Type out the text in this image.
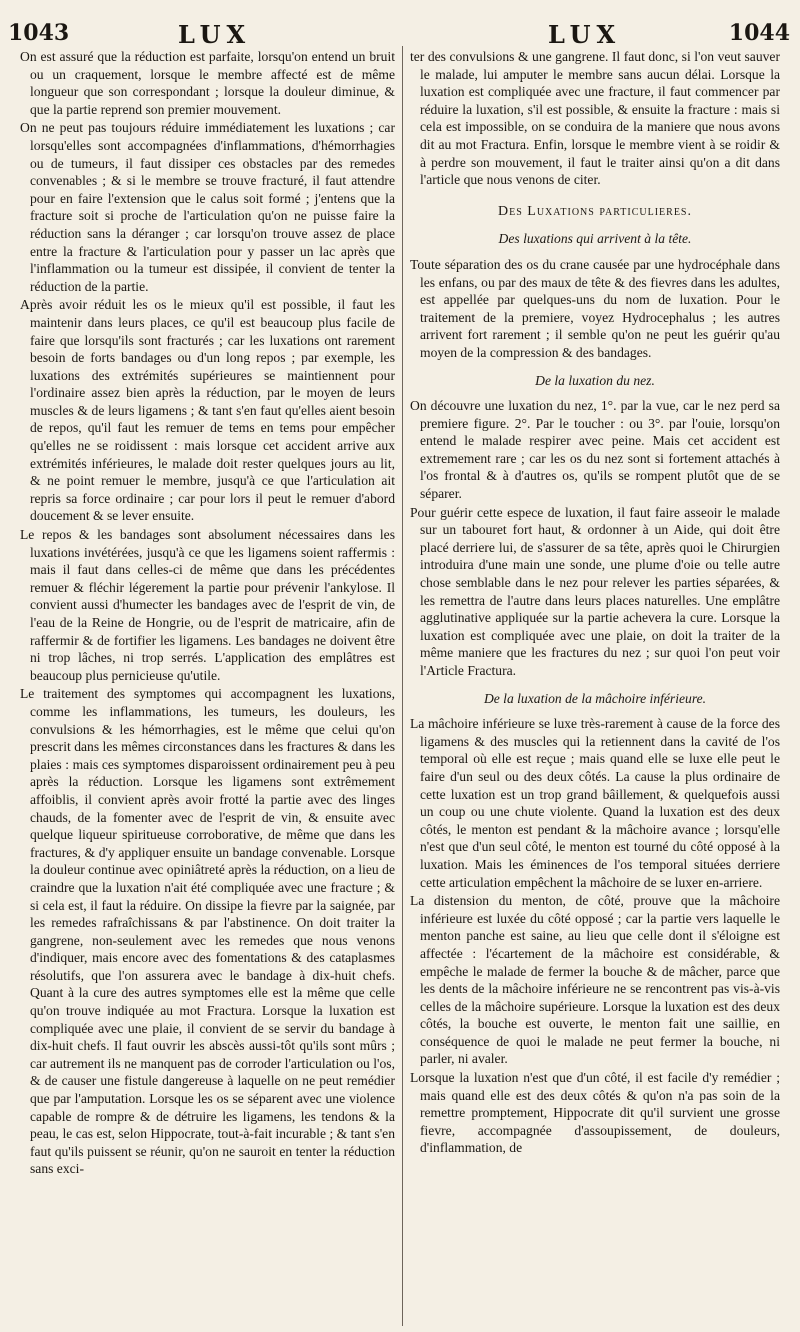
1043	LUX	LUX	1044

On est assuré que la réduction est parfaite, lorsqu'on entend un bruit ou un craquement, lorsque le membre affecté est de même longueur que son correspondant ; lorsque la douleur diminue, & que la partie reprend son premier mouvement.

On ne peut pas toujours réduire immédiatement les luxations ; car lorsqu'elles sont accompagnées d'inflammations, d'hémorrhagies ou de tumeurs, il faut dissiper ces obstacles par des remedes convenables ; & si le membre se trouve fracturé, il faut attendre pour en faire l'extension que le calus soit formé ; j'entens que la fracture soit si proche de l'articulation qu'on ne puisse faire la réduction sans la déranger ; car lorsqu'on trouve assez de place entre la fracture & l'articulation pour y passer un lac après que l'inflammation ou la tumeur est dissipée, il convient de tenter la réduction de la partie.

Après avoir réduit les os le mieux qu'il est possible, il faut les maintenir dans leurs places, ce qu'il est beaucoup plus facile de faire que lorsqu'ils sont fracturés ; car les luxations ont rarement besoin de forts bandages ou d'un long repos ; par exemple, les luxations des extrémités supérieures se maintiennent pour l'ordinaire assez bien après la réduction, par le moyen de leurs muscles & de leurs ligamens ; & tant s'en faut qu'elles aient besoin de repos, qu'il faut les remuer de tems en tems pour empêcher qu'elles ne se roidissent : mais lorsque cet accident arrive aux extrémités inférieures, le malade doit rester quelques jours au lit, & ne point remuer le membre, jusqu'à ce que l'articulation ait repris sa force ordinaire ; car pour lors il peut le remuer d'abord doucement & se lever ensuite.

Le repos & les bandages sont absolument nécessaires dans les luxations invétérées, jusqu'à ce que les ligamens soient raffermis : mais il faut dans celles-ci de même que dans les précédentes remuer & fléchir légerement la partie pour prévenir l'ankylose. Il convient aussi d'humecter les bandages avec de l'esprit de vin, de l'eau de la Reine de Hongrie, ou de l'esprit de matricaire, afin de raffermir & de fortifier les ligamens. Les bandages ne doivent être ni trop lâches, ni trop serrés. L'application des emplâtres est beaucoup plus pernicieuse qu'utile.

Le traitement des symptomes qui accompagnent les luxations, comme les inflammations, les tumeurs, les douleurs, les convulsions & les hémorrhagies, est le même que celui qu'on prescrit dans les mêmes circonstances dans les fractures & dans les plaies : mais ces symptomes disparoissent ordinairement peu à peu après la réduction. Lorsque les ligamens sont extrêmement affoiblis, il convient après avoir frotté la partie avec des linges chauds, de la fomenter avec de l'esprit de vin, & ensuite avec quelque liqueur spiritueuse corroborative, de même que dans les fractures, & d'y appliquer ensuite un bandage convenable. Lorsque la douleur continue avec opiniâtreté après la réduction, on a lieu de craindre que la luxation n'ait été compliquée avec une fracture ; & si cela est, il faut la réduire. On dissipe la fievre par la saignée, par les remedes rafraîchissans & par l'abstinence. On doit traiter la gangrene, non-seulement avec les remedes que nous venons d'indiquer, mais encore avec des fomentations & des cataplasmes résolutifs, que l'on assurera avec le bandage à dix-huit chefs. Quant à la cure des autres symptomes elle est la même que celle qu'on trouve indiquée au mot Fractura. Lorsque la luxation est compliquée avec une plaie, il convient de se servir du bandage à dix-huit chefs. Il faut ouvrir les abscès aussi-tôt qu'ils sont mûrs ; car autrement ils ne manquent pas de corroder l'articulation ou l'os, & de causer une fistule dangereuse à laquelle on ne peut remédier que par l'amputation. Lorsque les os se séparent avec une violence capable de rompre & de détruire les ligamens, les tendons & la peau, le cas est, selon Hippocrate, tout-à-fait incurable ; & tant s'en faut qu'ils puissent se réunir, qu'on ne sauroit en tenter la réduction sans exci-

ter des convulsions & une gangrene. Il faut donc, si l'on veut sauver le malade, lui amputer le membre sans aucun délai. Lorsque la luxation est compliquée avec une fracture, il faut commencer par réduire la luxation, s'il est possible, & ensuite la fracture : mais si cela est impossible, on se conduira de la maniere que nous avons dit au mot Fractura. Enfin, lorsque le membre vient à se roidir & à perdre son mouvement, il faut le traiter ainsi qu'on a dit dans l'article que nous venons de citer.

Des Luxations particulieres.
Des luxations qui arrivent à la tête.

Toute séparation des os du crane causée par une hydrocéphale dans les enfans, ou par des maux de tête & des fievres dans les adultes, est appellée par quelques-uns du nom de luxation. Pour le traitement de la premiere, voyez Hydrocephalus ; les autres arrivent fort rarement ; il semble qu'on ne peut les guérir qu'au moyen de la compression & des bandages.

De la luxation du nez.

On découvre une luxation du nez, 1°. par la vue, car le nez perd sa premiere figure. 2°. Par le toucher : ou 3°. par l'ouie, lorsqu'on entend le malade respirer avec peine. Mais cet accident est extremement rare ; car les os du nez sont si fortement attachés à l'os frontal & à d'autres os, qu'ils se rompent plutôt que de se séparer.

Pour guérir cette espece de luxation, il faut faire asseoir le malade sur un tabouret fort haut, & ordonner à un Aide, qui doit être placé derriere lui, de s'assurer de sa tête, après quoi le Chirurgien introduira d'une main une sonde, une plume d'oie ou telle autre chose semblable dans le nez pour relever les parties séparées, & les remettra de l'autre dans leurs places naturelles. Une emplâtre agglutinative appliquée sur la partie achevera la cure. Lorsque la luxation est compliquée avec une plaie, on doit la traiter de la même maniere que les fractures du nez ; sur quoi l'on peut voir l'Article Fractura.

De la luxation de la mâchoire inférieure.

La mâchoire inférieure se luxe très-rarement à cause de la force des ligamens & des muscles qui la retiennent dans la cavité de l'os temporal où elle est reçue ; mais quand elle se luxe elle peut le faire d'un seul ou des deux côtés. La cause la plus ordinaire de cette luxation est un trop grand bâillement, & quelquefois aussi un coup ou une chute violente. Quand la luxation est des deux côtés, le menton est pendant & la mâchoire avance ; lorsqu'elle n'est que d'un seul côté, le menton est tourné du côté opposé à la luxation. Mais les éminences de l'os temporal situées derriere cette articulation empêchent la mâchoire de se luxer en-arriere.

La distension du menton, de côté, prouve que la mâchoire inférieure est luxée du côté opposé ; car la partie vers laquelle le menton panche est saine, au lieu que celle dont il s'éloigne est affectée : l'écartement de la mâchoire est considérable, & empêche le malade de fermer la bouche & de mâcher, parce que les dents de la mâchoire inférieure ne se rencontrent pas vis-à-vis celles de la mâchoire supérieure. Lorsque la luxation est des deux côtés, la bouche est ouverte, le menton fait une saillie, en conséquence de quoi le malade ne peut fermer la bouche, ni parler, ni avaler.

Lorsque la luxation n'est que d'un côté, il est facile d'y remédier ; mais quand elle est des deux côtés & qu'on n'a pas soin de la remettre promptement, Hippocrate dit qu'il survient une grosse fievre, accompagnée d'assoupissement, de douleurs, d'inflammation, de
